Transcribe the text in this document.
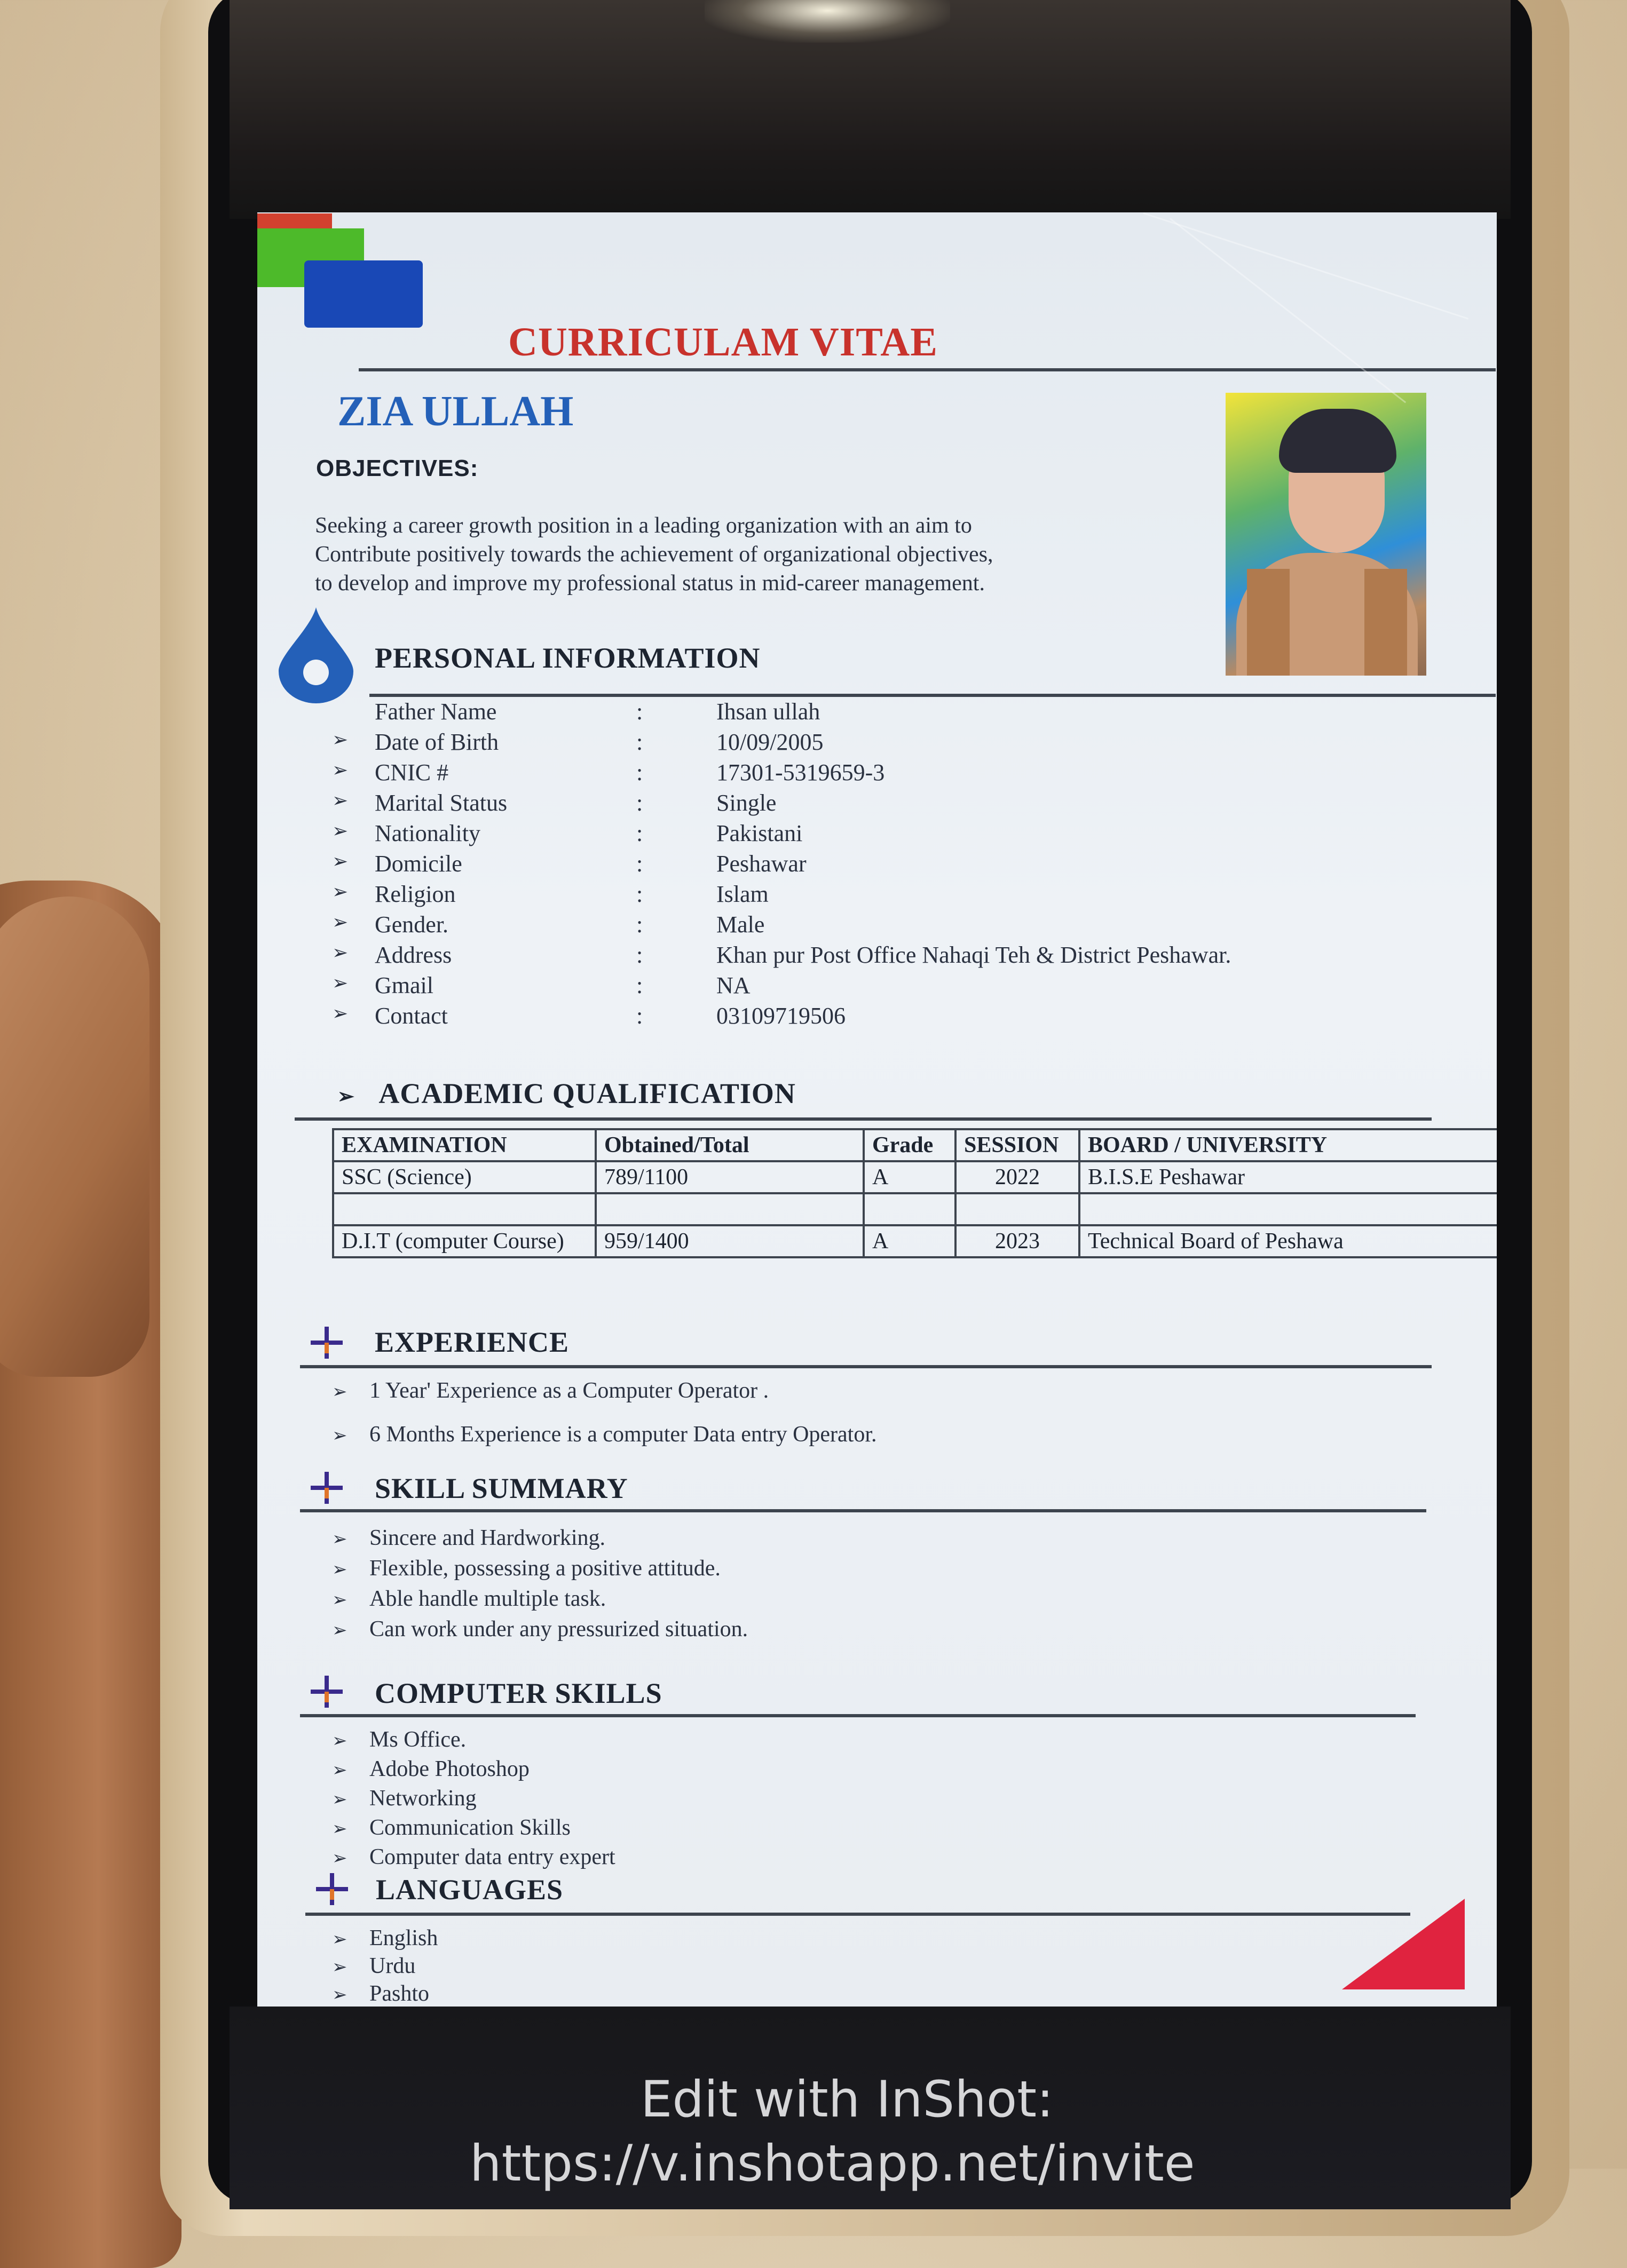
CURRICULAM VITAE
ZIA ULLAH
OBJECTIVES:
Seeking a career growth position in a leading organization with an aim to
Contribute positively towards the achievement of organizational objectives,
to develop and improve my professional status in mid-career management.
PERSONAL INFORMATION
Father Name	:	Ihsan ullah
➢ Date of Birth	:	10/09/2005
➢ CNIC #	:	17301-5319659-3
➢ Marital Status	:	Single
➢ Nationality	:	Pakistani
➢ Domicile	:	Peshawar
➢ Religion	:	Islam
➢ Gender.	:	Male
➢ Address	:	Khan pur Post Office Nahaqi Teh & District Peshawar.
➢ Gmail	:	NA
➢ Contact	:	03109719506
➢ ACADEMIC QUALIFICATION
EXAMINATION	Obtained/Total	Grade	SESSION	BOARD / UNIVERSITY
SSC (Science)	789/1100	A	2022	B.I.S.E Peshawar

D.I.T (computer Course)	959/1400	A	2023	Technical Board of Peshawa
EXPERIENCE
➢ 1 Year' Experience as a Computer Operator .
➢ 6 Months Experience is a computer Data entry Operator.
SKILL SUMMARY
➢ Sincere and Hardworking.
➢ Flexible, possessing a positive attitude.
➢ Able handle multiple task.
➢ Can work under any pressurized situation.
COMPUTER SKILLS
➢ Ms Office.
➢ Adobe Photoshop
➢ Networking
➢ Communication Skills
➢ Computer data entry expert
LANGUAGES
➢ English
➢ Urdu
➢ Pashto
Edit with InShot:
https://v.inshotapp.net/invite
